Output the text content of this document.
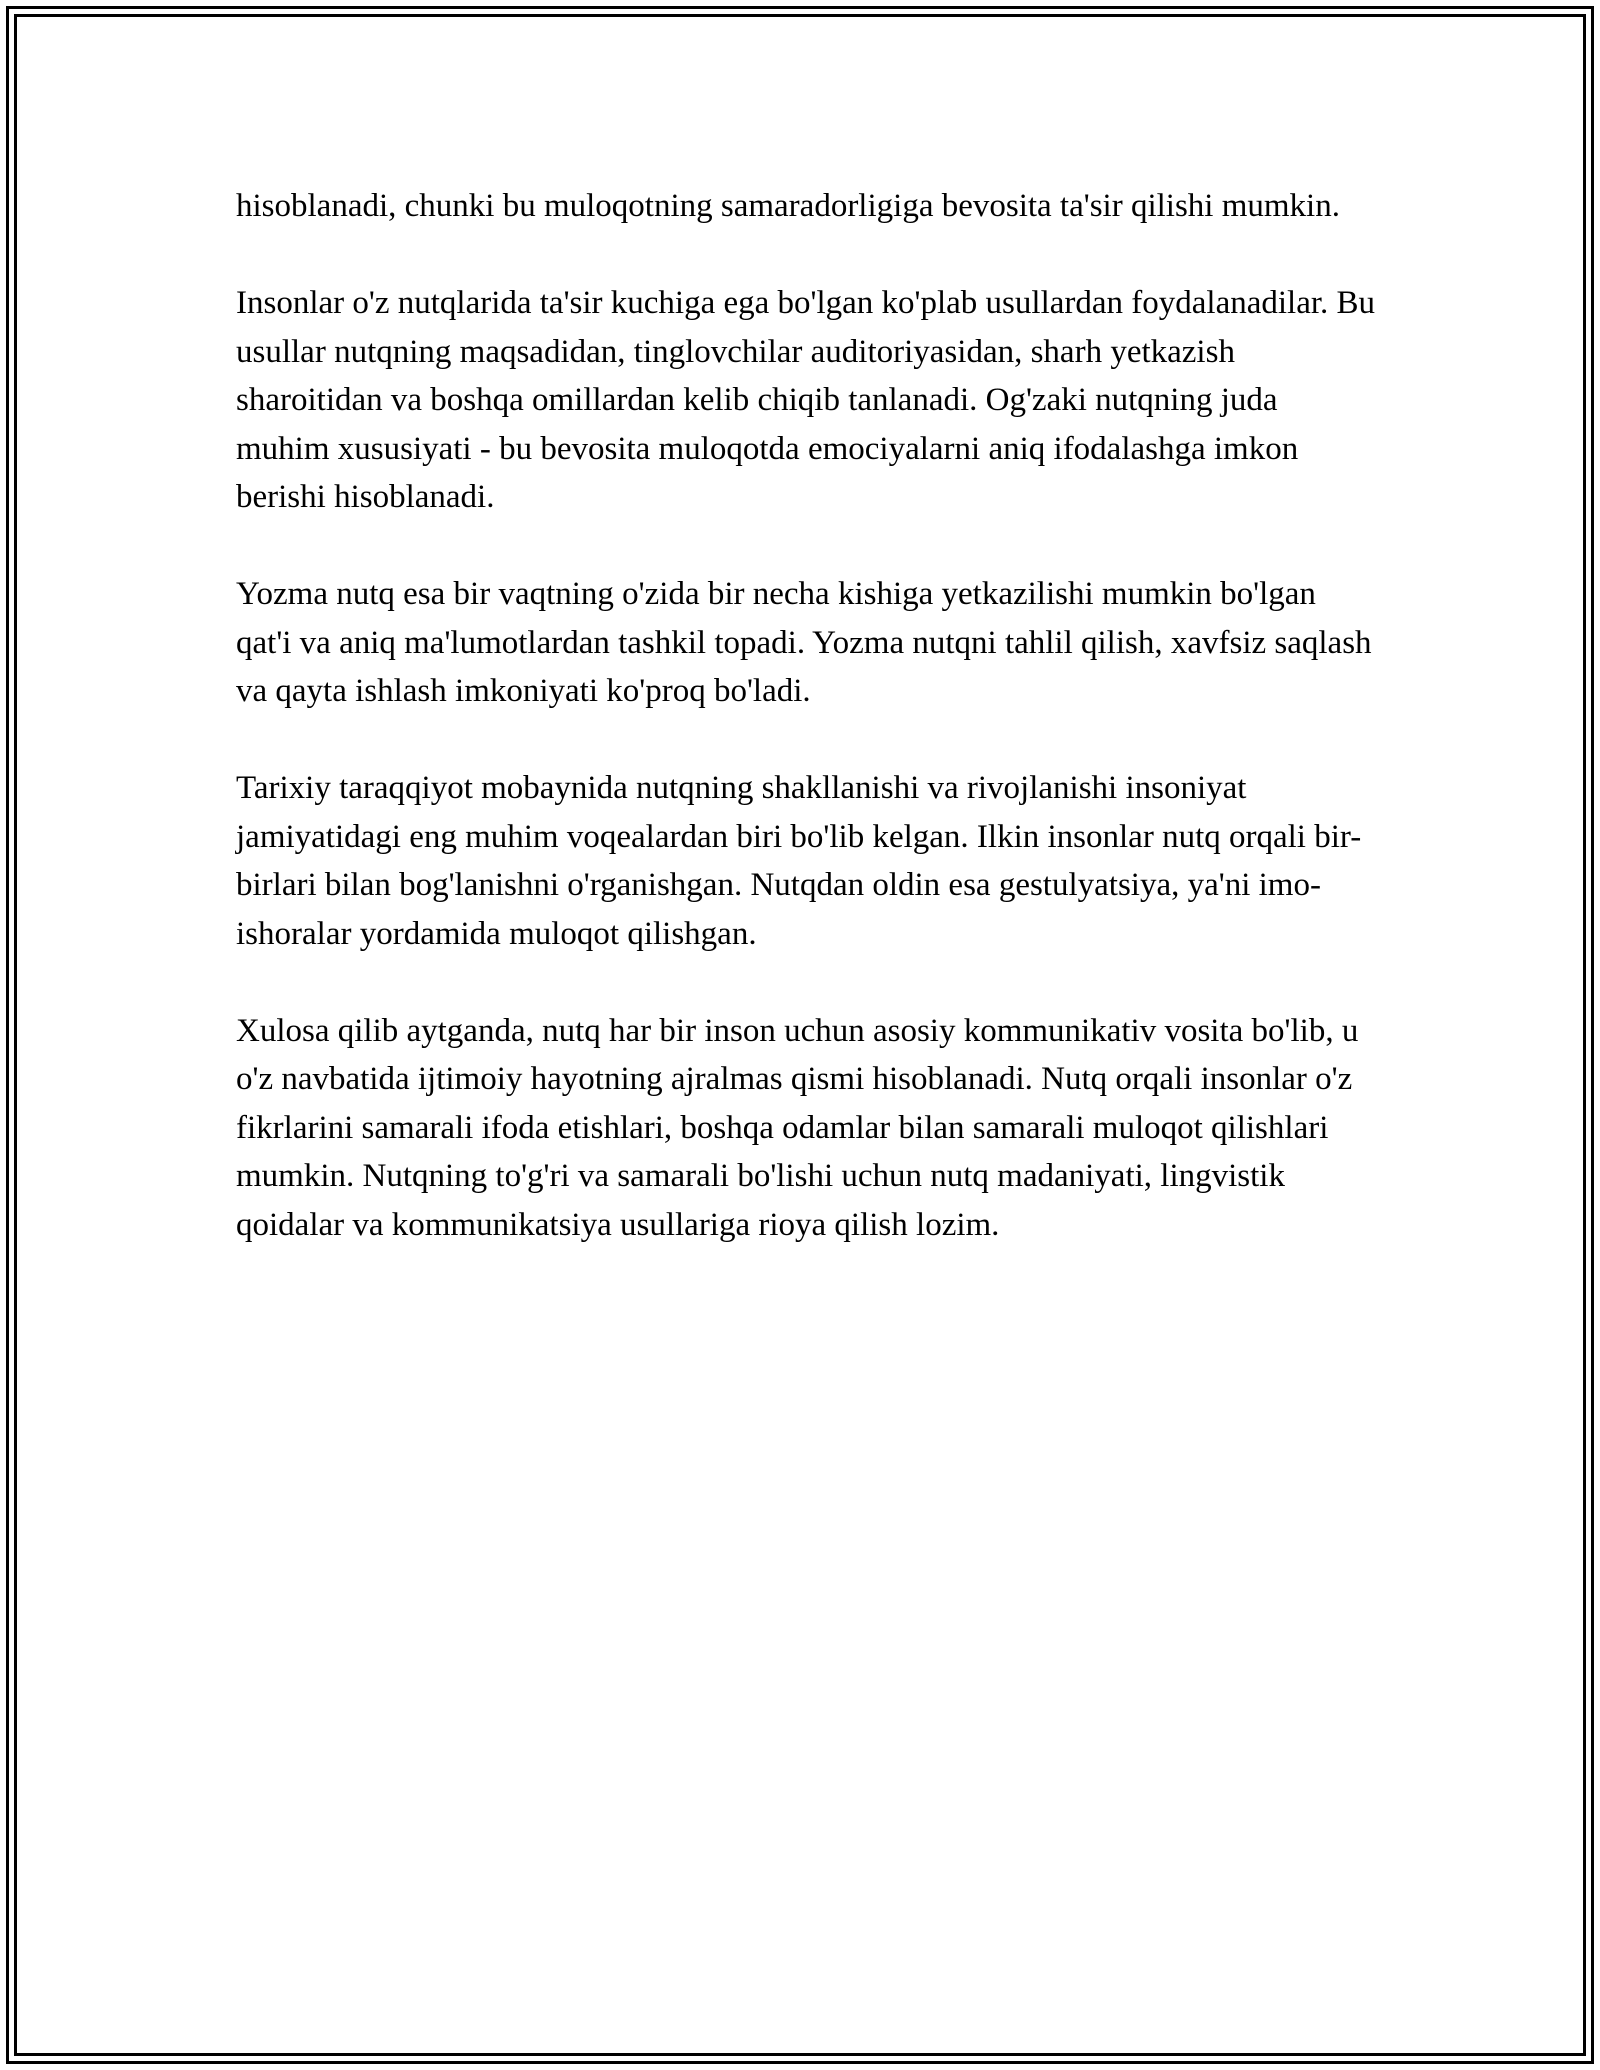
hisoblanadi, chunki bu muloqotning samaradorligiga bevosita ta'sir qilishi mumkin.

Insonlar o'z nutqlarida ta'sir kuchiga ega bo'lgan ko'plab usullardan foydalanadilar. Bu usullar nutqning maqsadidan, tinglovchilar auditoriyasidan, sharh yetkazish sharoitidan va boshqa omillardan kelib chiqib tanlanadi. Og'zaki nutqning juda muhim xususiyati - bu bevosita muloqotda emociyalarni aniq ifodalashga imkon berishi hisoblanadi.

Yozma nutq esa bir vaqtning o'zida bir necha kishiga yetkazilishi mumkin bo'lgan qat'i va aniq ma'lumotlardan tashkil topadi. Yozma nutqni tahlil qilish, xavfsiz saqlash va qayta ishlash imkoniyati ko'proq bo'ladi.

Tarixiy taraqqiyot mobaynida nutqning shakllanishi va rivojlanishi insoniyat jamiyatidagi eng muhim voqealardan biri bo'lib kelgan. Ilkin insonlar nutq orqali bir-birlari bilan bog'lanishni o'rganishgan. Nutqdan oldin esa gestulyatsiya, ya'ni imo-ishoralar yordamida muloqot qilishgan.

Xulosa qilib aytganda, nutq har bir inson uchun asosiy kommunikativ vosita bo'lib, u o'z navbatida ijtimoiy hayotning ajralmas qismi hisoblanadi. Nutq orqali insonlar o'z fikrlarini samarali ifoda etishlari, boshqa odamlar bilan samarali muloqot qilishlari mumkin. Nutqning to'g'ri va samarali bo'lishi uchun nutq madaniyati, lingvistik qoidalar va kommunikatsiya usullariga rioya qilish lozim.
